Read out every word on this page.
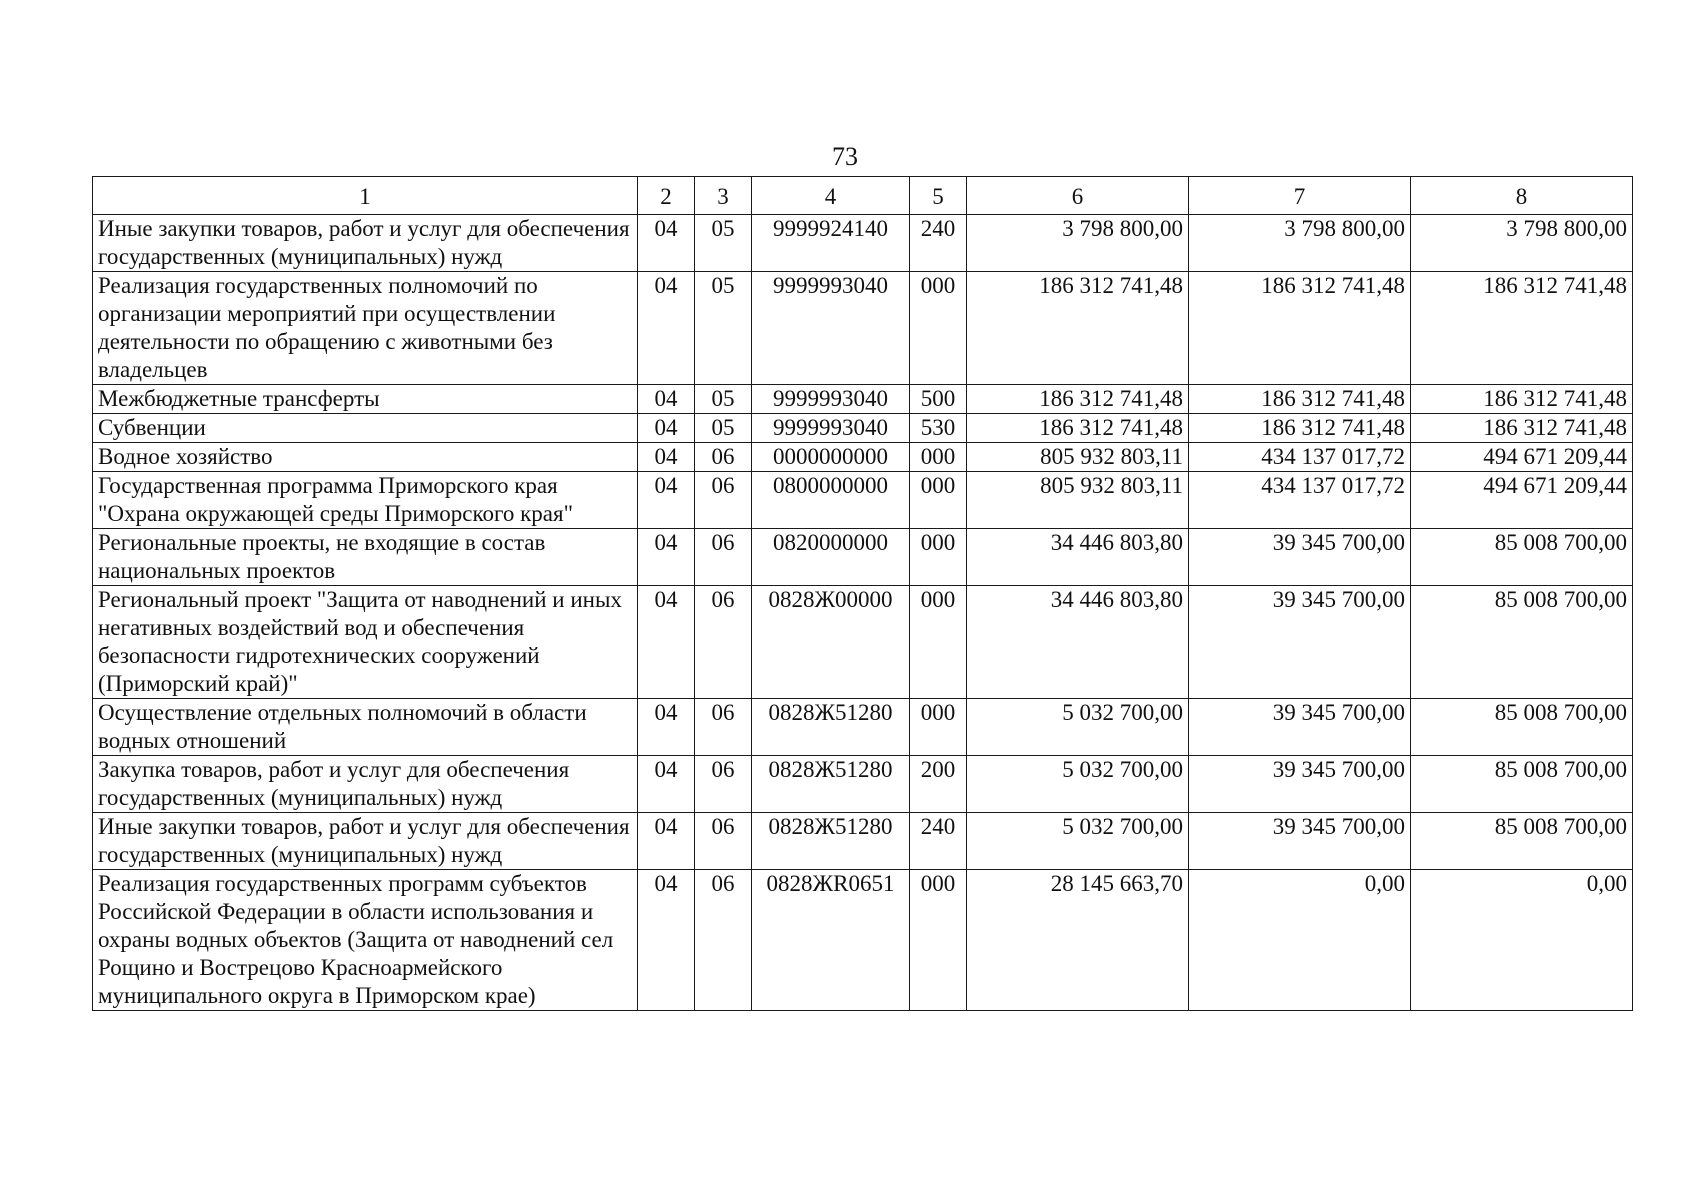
73
1	2	3	4	5	6	7	8
Иные закупки товаров, работ и услуг для обеспечения государственных (муниципальных) нужд	04	05	9999924140	240	3 798 800,00	3 798 800,00	3 798 800,00
Реализация государственных полномочий по организации мероприятий при осуществлении деятельности по обращению с животными без владельцев	04	05	9999993040	000	186 312 741,48	186 312 741,48	186 312 741,48
Межбюджетные трансферты	04	05	9999993040	500	186 312 741,48	186 312 741,48	186 312 741,48
Субвенции	04	05	9999993040	530	186 312 741,48	186 312 741,48	186 312 741,48
Водное хозяйство	04	06	0000000000	000	805 932 803,11	434 137 017,72	494 671 209,44
Государственная программа Приморского края "Охрана окружающей среды Приморского края"	04	06	0800000000	000	805 932 803,11	434 137 017,72	494 671 209,44
Региональные проекты, не входящие в состав национальных проектов	04	06	0820000000	000	34 446 803,80	39 345 700,00	85 008 700,00
Региональный проект "Защита от наводнений и иных негативных воздействий вод и обеспечения безопасности гидротехнических сооружений (Приморский край)"	04	06	0828Ж00000	000	34 446 803,80	39 345 700,00	85 008 700,00
Осуществление отдельных полномочий в области водных отношений	04	06	0828Ж51280	000	5 032 700,00	39 345 700,00	85 008 700,00
Закупка товаров, работ и услуг для обеспечения государственных (муниципальных) нужд	04	06	0828Ж51280	200	5 032 700,00	39 345 700,00	85 008 700,00
Иные закупки товаров, работ и услуг для обеспечения государственных (муниципальных) нужд	04	06	0828Ж51280	240	5 032 700,00	39 345 700,00	85 008 700,00
Реализация государственных программ субъектов Российской Федерации в области использования и охраны водных объектов (Защита от наводнений сел Рощино и Вострецово Красноармейского муниципального округа в Приморском крае)	04	06	0828ЖR0651	000	28 145 663,70	0,00	0,00
